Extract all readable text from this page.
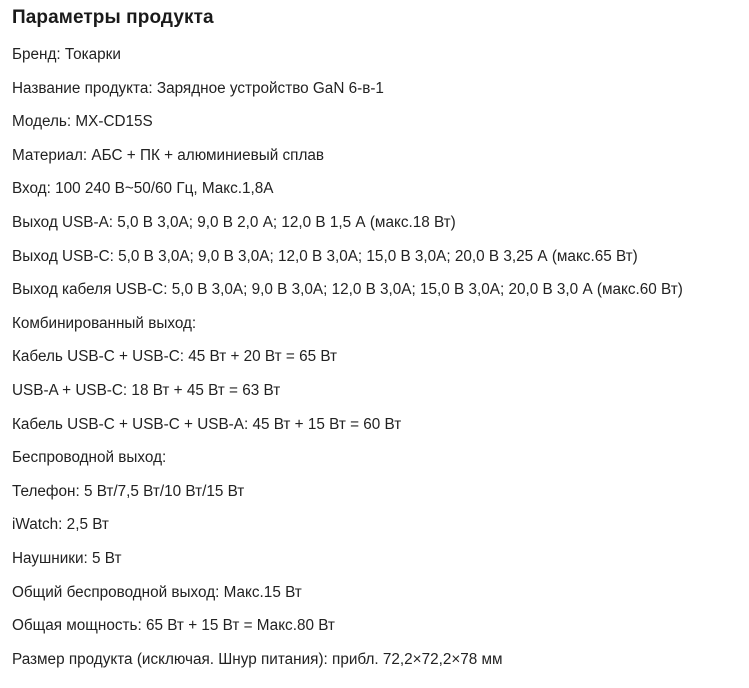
Параметры продукта
Бренд: Токарки
Название продукта: Зарядное устройство GaN 6-в-1
Модель: MX-CD15S
Материал: АБС + ПК + алюминиевый сплав
Вход: 100 240 В~50/60 Гц, Макс.1,8А
Выход USB-A: 5,0 В 3,0А; 9,0 В 2,0 А; 12,0 В 1,5 А (макс.18 Вт)
Выход USB-C: 5,0 В 3,0А; 9,0 В 3,0А; 12,0 В 3,0А; 15,0 В 3,0А; 20,0 В 3,25 А (макс.65 Вт)
Выход кабеля USB-C: 5,0 В 3,0А; 9,0 В 3,0А; 12,0 В 3,0А; 15,0 В 3,0А; 20,0 В 3,0 А (макс.60 Вт)
Комбинированный выход:
Кабель USB-C + USB-C: 45 Вт + 20 Вт = 65 Вт
USB-A + USB-C: 18 Вт + 45 Вт = 63 Вт
Кабель USB-C + USB-C + USB-A: 45 Вт + 15 Вт = 60 Вт
Беспроводной выход:
Телефон: 5 Вт/7,5 Вт/10 Вт/15 Вт
iWatch: 2,5 Вт
Наушники: 5 Вт
Общий беспроводной выход: Макс.15 Вт
Общая мощность: 65 Вт + 15 Вт = Макс.80 Вт
Размер продукта (исключая. Шнур питания): прибл. 72,2×72,2×78 мм
